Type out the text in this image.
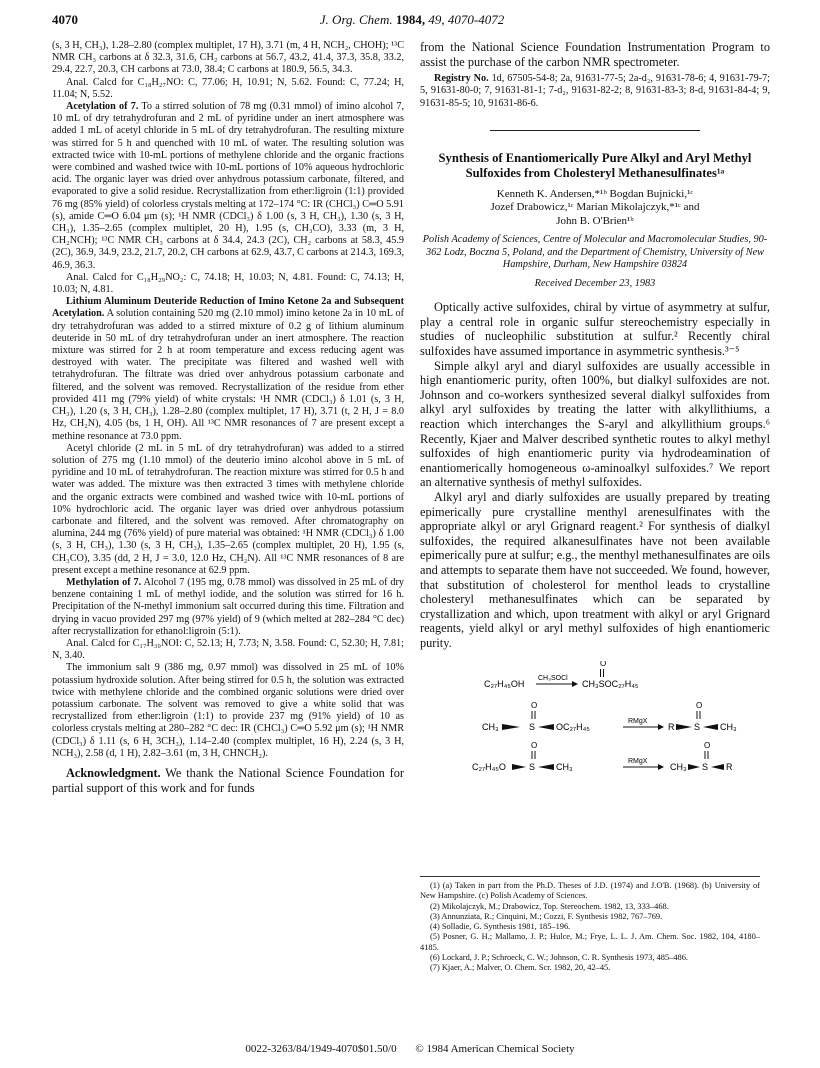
4070	J. Org. Chem. 1984, 49, 4070-4072

(s, 3 H, CH₃), 1.28–2.80 (complex multiplet, 17 H), 3.71 (m, 4 H, NCH₂, CHOH); ¹³C NMR CH₃ carbons at δ 32.3, 31.6, CH₂ carbons at 56.7, 43.2, 41.4, 37.3, 35.8, 33.2, 29.4, 22.7, 20.3, CH carbons at 73.0, 38.4; C carbons at 180.9, 56.5, 34.3.

Anal. Calcd for C₁₈H₂₇NO: C, 77.06; H, 10.91; N, 5.62. Found: C, 77.24; H, 11.04; N, 5.52.

Acetylation of 7. To a stirred solution of 78 mg (0.31 mmol) of imino alcohol 7, 10 mL of dry tetrahydrofuran and 2 mL of pyridine under an inert atmosphere was added 1 mL of acetyl chloride in 5 mL of dry tetrahydrofuran. The resulting mixture was stirred for 5 h and quenched with 10 mL of water. The resulting solution was extracted twice with 10-mL portions of methylene chloride and the organic fractions were combined and washed twice with 10-mL portions of 10% aqueous hydrochloric acid. The organic layer was dried over anhydrous potassium carbonate, filtered, and evaporated to give a solid residue. Recrystallization from ether:ligroin (1:1) provided 76 mg (85% yield) of colorless crystals melting at 172–174 °C: IR (CHCl₃) C═O 5.91 (s), amide C═O 6.04 μm (s); ¹H NMR (CDCl₃) δ 1.00 (s, 3 H, CH₃), 1.30 (s, 3 H, CH₃), 1.35–2.65 (complex multiplet, 20 H), 1.95 (s, CH₃CO), 3.33 (m, 3 H, CH₂NCH); ¹³C NMR CH₃ carbons at δ 34.4, 24.3 (2C), CH₂ carbons at 58.3, 45.9 (2C), 36.9, 34.9, 23.2, 21.7, 20.2, CH carbons at 62.9, 43.7, C carbons at 214.3, 169.3, 46.9, 36.3.

Anal. Calcd for C₁₈H₂₉NO₂: C, 74.18; H, 10.03; N, 4.81. Found: C, 74.13; H, 10.03; N, 4.81.

Lithium Aluminum Deuteride Reduction of Imino Ketone 2a and Subsequent Acetylation. A solution containing 520 mg (2.10 mmol) imino ketone 2a in 10 mL of dry tetrahydrofuran was added to a stirred mixture of 0.2 g of lithium aluminum deuteride in 50 mL of dry tetrahydrofuran under an inert atmosphere. The reaction mixture was stirred for 2 h at room temperature and excess reducing agent was destroyed with water. The precipitate was filtered and washed well with tetrahydrofuran. The filtrate was dried over anhydrous potassium carbonate and filtered, and the solvent was removed. Recrystallization of the residue from ether provided 411 mg (79% yield) of white crystals: ¹H NMR (CDCl₃) δ 1.01 (s, 3 H, CH₃), 1.20 (s, 3 H, CH₃), 1.28–2.80 (complex multiplet, 17 H), 3.71 (t, 2 H, J = 8.0 Hz, CH₂N), 4.05 (bs, 1 H, OH). All ¹³C NMR resonances of 7 are present except a methine resonance at 73.0 ppm.

Acetyl chloride (2 mL in 5 mL of dry tetrahydrofuran) was added to a stirred solution of 275 mg (1.10 mmol) of the deuterio imino alcohol above in 5 mL of pyridine and 10 mL of tetrahydrofuran. The reaction mixture was stirred for 0.5 h and water was added. The mixture was then extracted 3 times with methylene chloride and the organic extracts were combined and washed twice with 10-mL portions of 10% hydrochloric acid. The organic layer was dried over anhydrous potassium carbonate and filtered, and the solvent was removed. After chromatography on alumina, 244 mg (76% yield) of pure material was obtained: ¹H NMR (CDCl₃) δ 1.00 (s, 3 H, CH₃), 1.30 (s, 3 H, CH₃), 1.35–2.65 (complex multiplet, 20 H), 1.95 (s, CH₃CO), 3.35 (dd, 2 H, J = 3.0, 12.0 Hz, CH₂N). All ¹³C NMR resonances of 8 are present except a methine resonance at 62.9 ppm.

Methylation of 7. Alcohol 7 (195 mg, 0.78 mmol) was dissolved in 25 mL of dry benzene containing 1 mL of methyl iodide, and the solution was stirred for 16 h. Precipitation of the N-methyl immonium salt occurred during this time. Filtration and drying in vacuo provided 297 mg (97% yield) of 9 (which melted at 282–284 °C dec) after recrystallization for ethanol:ligroin (5:1).

Anal. Calcd for C₁₇H₃₀NOI: C, 52.13; H, 7.73; N, 3.58. Found: C, 52.30; H, 7.81; N, 3.40.

The immonium salt 9 (386 mg, 0.97 mmol) was dissolved in 25 mL of 10% potassium hydroxide solution. After being stirred for 0.5 h, the solution was extracted twice with methylene chloride and the combined organic solutions were dried over potassium carbonate. The solvent was removed to give a white solid that was recrystallized from ether:ligroin (1:1) to provide 237 mg (91% yield) of 10 as colorless crystals melting at 280–282 °C dec: IR (CHCl₃) C═O 5.92 μm (s); ¹H NMR (CDCl₃) δ 1.11 (s, 6 H, 3CH₃), 1.14–2.40 (complex multiplet, 16 H), 2.24 (s, 3 H, NCH₃), 2.58 (d, 1 H), 2.82–3.61 (m, 3 H, CHNCH₂).

Acknowledgment. We thank the National Science Foundation for partial support of this work and for funds

from the National Science Foundation Instrumentation Program to assist the purchase of the carbon NMR spectrometer.

Registry No. 1d, 67505-54-8; 2a, 91631-77-5; 2a-d₂, 91631-78-6; 4, 91631-79-7; 5, 91631-80-0; 7, 91631-81-1; 7-d₂, 91631-82-2; 8, 91631-83-3; 8-d, 91631-84-4; 9, 91631-85-5; 10, 91631-86-6.

Synthesis of Enantiomerically Pure Alkyl and Aryl Methyl Sulfoxides from Cholesteryl Methanesulfinates¹ᵃ
Kenneth K. Andersen,*¹ᵇ Bogdan Bujnicki,¹ᶜ
Jozef Drabowicz,¹ᶜ Marian Mikolajczyk,*¹ᶜ and
John B. O'Brien¹ᵇ
Polish Academy of Sciences, Centre of Molecular and Macromolecular Studies, 90-362 Lodz, Boczna 5, Poland, and the Department of Chemistry, University of New Hampshire, Durham, New Hampshire 03824
Received December 23, 1983

Optically active sulfoxides, chiral by virtue of asymmetry at sulfur, play a central role in organic sulfur stereochemistry especially in studies of nucleophilic substitution at sulfur.² Recently chiral sulfoxides have assumed importance in asymmetric synthesis.³⁻⁵

Simple alkyl aryl and diaryl sulfoxides are usually accessible in high enantiomeric purity, often 100%, but dialkyl sulfoxides are not. Johnson and co-workers synthesized several dialkyl sulfoxides from alkyl aryl sulfoxides by treating the latter with alkyllithiums, a reaction which interchanges the S-aryl and alkyllithium groups.⁶ Recently, Kjaer and Malver described synthetic routes to alkyl methyl sulfoxides of high enantiomeric purity via hydrodeamination of enantiomerically homogeneous ω-aminoalkyl sulfoxides.⁷ We report an alternative synthesis of methyl sulfoxides.

Alkyl aryl and diarly sulfoxides are usually prepared by treating epimerically pure crystalline menthyl arenesulfinates with the appropriate alkyl or aryl Grignard reagent.² For synthesis of dialkyl sulfoxides, the required alkanesulfinates have not been available epimerically pure at sulfur; e.g., the menthyl methanesulfinates are oils and attempts to separate them have not succeeded. We found, however, that substitution of cholesterol for menthol leads to crystalline cholesteryl methanesulfinates which can be separated by crystallization and which, upon treatment with alkyl or aryl Grignard reagents, yield alkyl or aryl methyl sulfoxides of high enantiomeric purity.

C₂₇H₄₅OH
CH₃SOCl
O
CH₃SOC₂₇H₄₅
O
CH₃	S OC₂₇H₄₅
RMgX
O
R S CH₃
O
C₂₇H₄₅O	S CH₃
RMgX
O
CH₃ S R
(1) (a) Taken in part from the Ph.D. Theses of J.D. (1974) and J.O'B. (1968). (b) University of New Hampshire. (c) Polish Academy of Sciences.
(2) Mikolajczyk, M.; Drabowicz, Top. Stereochem. 1982, 13, 333–468.
(3) Annunziata, R.; Cinquini, M.; Cozzi, F. Synthesis 1982, 767–769.
(4) Solladie, G. Synthesis 1981, 185–196.
(5) Posner, G. H.; Mallamo, J. P.; Hulce, M.; Frye, L. L. J. Am. Chem. Soc. 1982, 104, 4180–4185.
(6) Lockard, J. P.; Schroeck, C. W.; Johnson, C. R. Synthesis 1973, 485–486.
(7) Kjaer, A.; Malver, O. Chem. Scr. 1982, 20, 42–45.
0022-3263/84/1949-4070$01.50/0 © 1984 American Chemical Society
